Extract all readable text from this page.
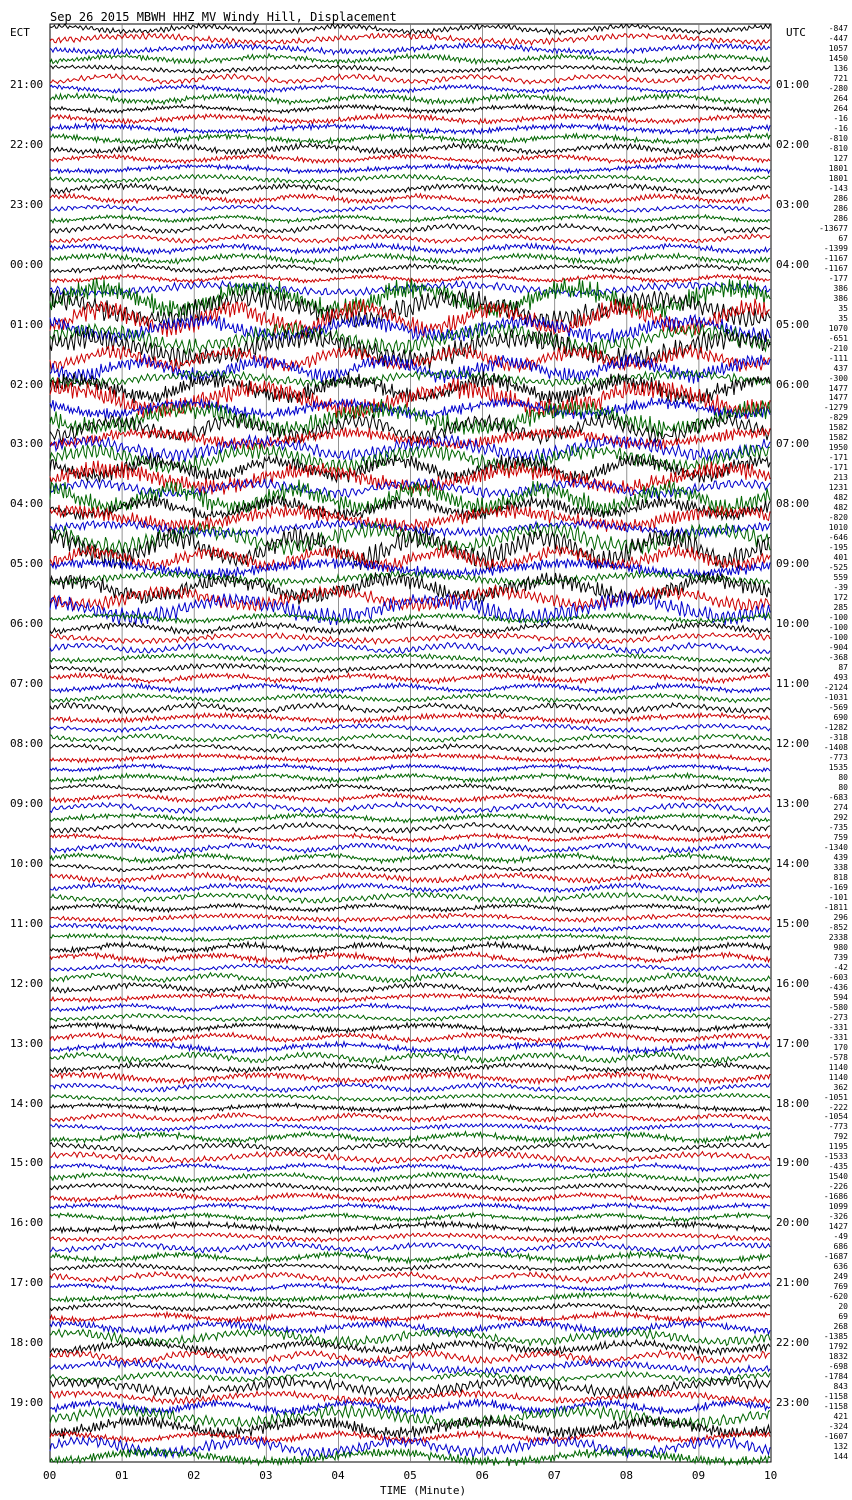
Sep 26 2015 MBWH HHZ MV Windy Hill, Displacement
ECT	UTC
21:00
22:00
23:00
00:00
01:00
02:00
03:00
04:00
05:00
06:00
07:00
08:00
09:00
10:00
11:00
12:00
13:00
14:00
15:00
16:00
17:00
18:00
19:00
01:00
02:00
03:00
04:00
05:00
06:00
07:00
08:00
09:00
10:00
11:00
12:00
13:00
14:00
15:00
16:00
17:00
18:00
19:00
20:00
21:00
22:00
23:00
00	01	02	03	04	05	06	07	08	09	10
-847
-447
1057
1450
136
721
-280
264
264
-16
-16
-810
-810
127
1801
1801
-143
286
286
286
-13677
67
-1399
-1167
-1167
-177
386
386
35
35
1070
-651
-210
-111
437
-300
1477
1477
-1279
-829
1582
1582
1950
-171
-171
213
1231
482
482
-820
1010
-646
-195
401
-525
559
-39
172
285
-100
-100
-100
-904
-368
87
493
-2124
-1031
-569
690
-1282
-318
-1408
-773
1535
80
80
-683
274
292
-735
759
-1340
439
338
818
-169
-101
-1811
296
-852
2338
980
739
-42
-603
-436
594
-580
-273
-331
-331
170
-578
1140
1140
362
-1051
-222
-1054
-773
792
1195
-1533
-435
1540
-226
-1686
1099
-326
1427
-49
686
-1687
636
249
769
-620
20
69
268
-1385
1792
1832
-698
-1784
843
-1158
-1158
421
-324
-1607
132
144
TIME (Minute)
